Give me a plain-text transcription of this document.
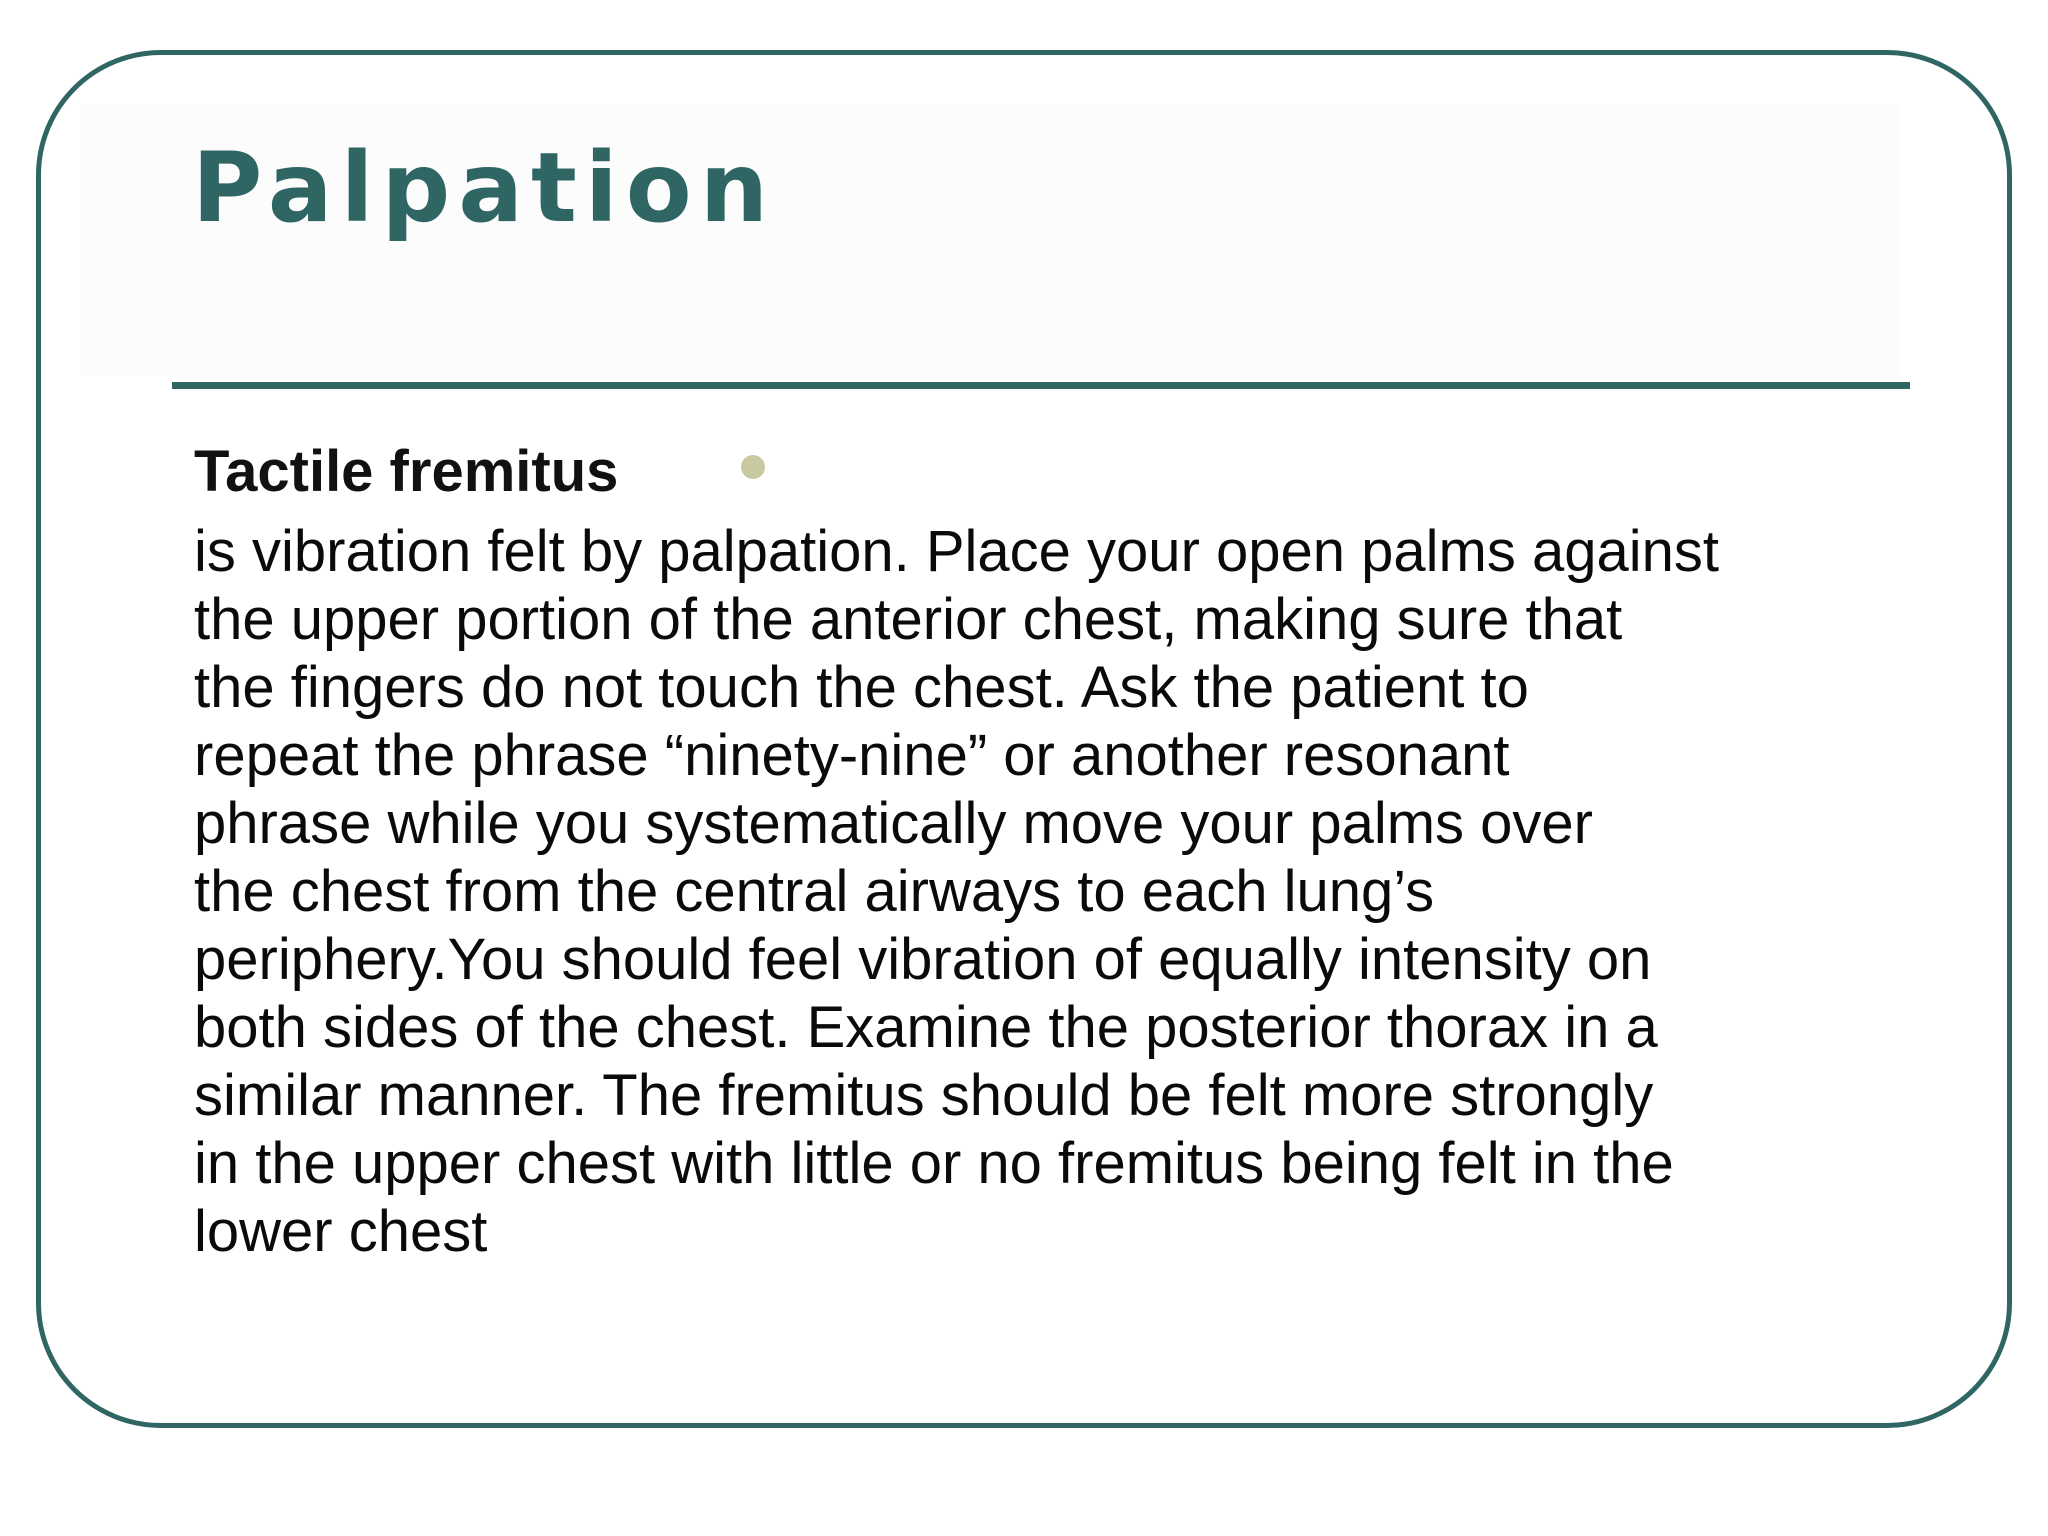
Palpation
Tactile fremitus

is vibration felt by palpation. Place your open palms against
the upper portion of the anterior chest, making sure that
the fingers do not touch the chest. Ask the patient to
repeat the phrase “ninety-nine” or another resonant
phrase while you systematically move your palms over
the chest from the central airways to each lung’s
periphery.You should feel vibration of equally intensity on
both sides of the chest. Examine the posterior thorax in a
similar manner. The fremitus should be felt more strongly
in the upper chest with little or no fremitus being felt in the
lower chest
